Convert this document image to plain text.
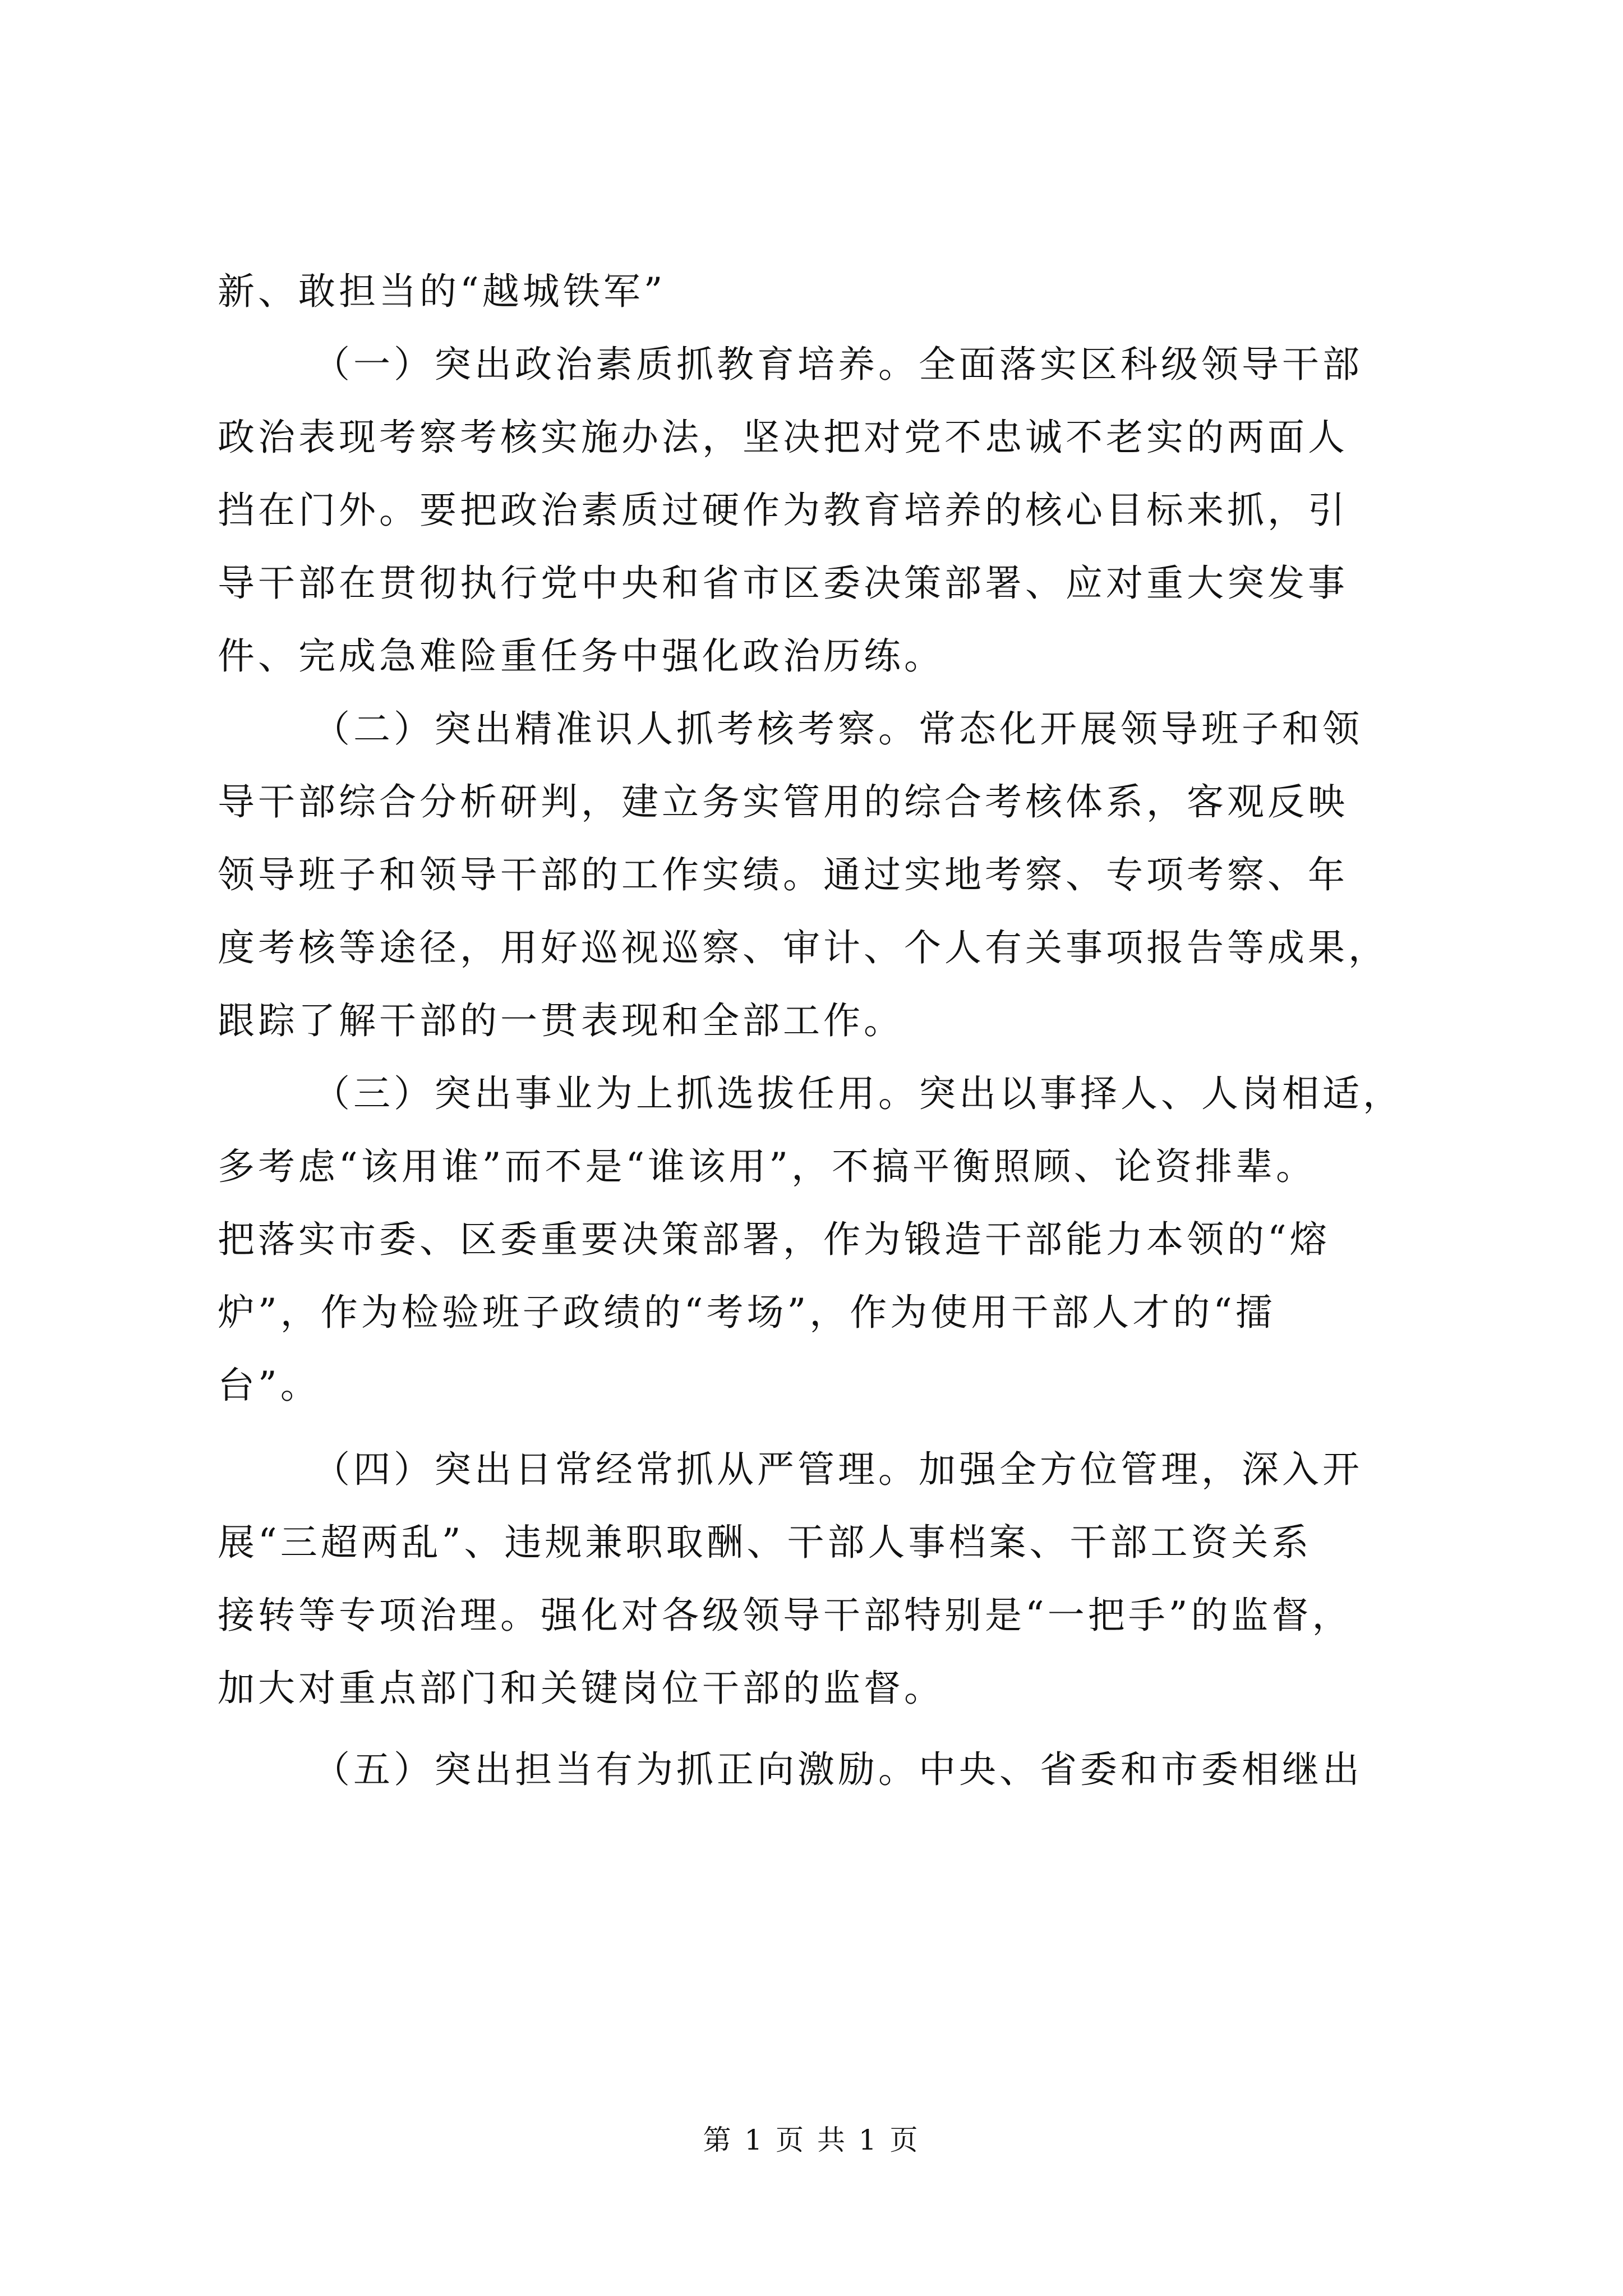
新、敢担当的“越城铁军”
（一）突出政治素质抓教育培养。全面落实区科级领导干部
政治表现考察考核实施办法，坚决把对党不忠诚不老实的两面人
挡在门外。要把政治素质过硬作为教育培养的核心目标来抓，引
导干部在贯彻执行党中央和省市区委决策部署、应对重大突发事
件、完成急难险重任务中强化政治历练。
（二）突出精准识人抓考核考察。常态化开展领导班子和领
导干部综合分析研判，建立务实管用的综合考核体系，客观反映
领导班子和领导干部的工作实绩。通过实地考察、专项考察、年
度考核等途径，用好巡视巡察、审计、个人有关事项报告等成果，
跟踪了解干部的一贯表现和全部工作。
（三）突出事业为上抓选拔任用。突出以事择人、人岗相适，
多考虑“该用谁”而不是“谁该用”，不搞平衡照顾、论资排辈。
把落实市委、区委重要决策部署，作为锻造干部能力本领的“熔
炉”，作为检验班子政绩的“考场”，作为使用干部人才的“擂
台”。
（四）突出日常经常抓从严管理。加强全方位管理，深入开
展“三超两乱”、违规兼职取酬、干部人事档案、干部工资关系
接转等专项治理。强化对各级领导干部特别是“一把手”的监督，
加大对重点部门和关键岗位干部的监督。
（五）突出担当有为抓正向激励。中央、省委和市委相继出
第 1 页 共 1 页
